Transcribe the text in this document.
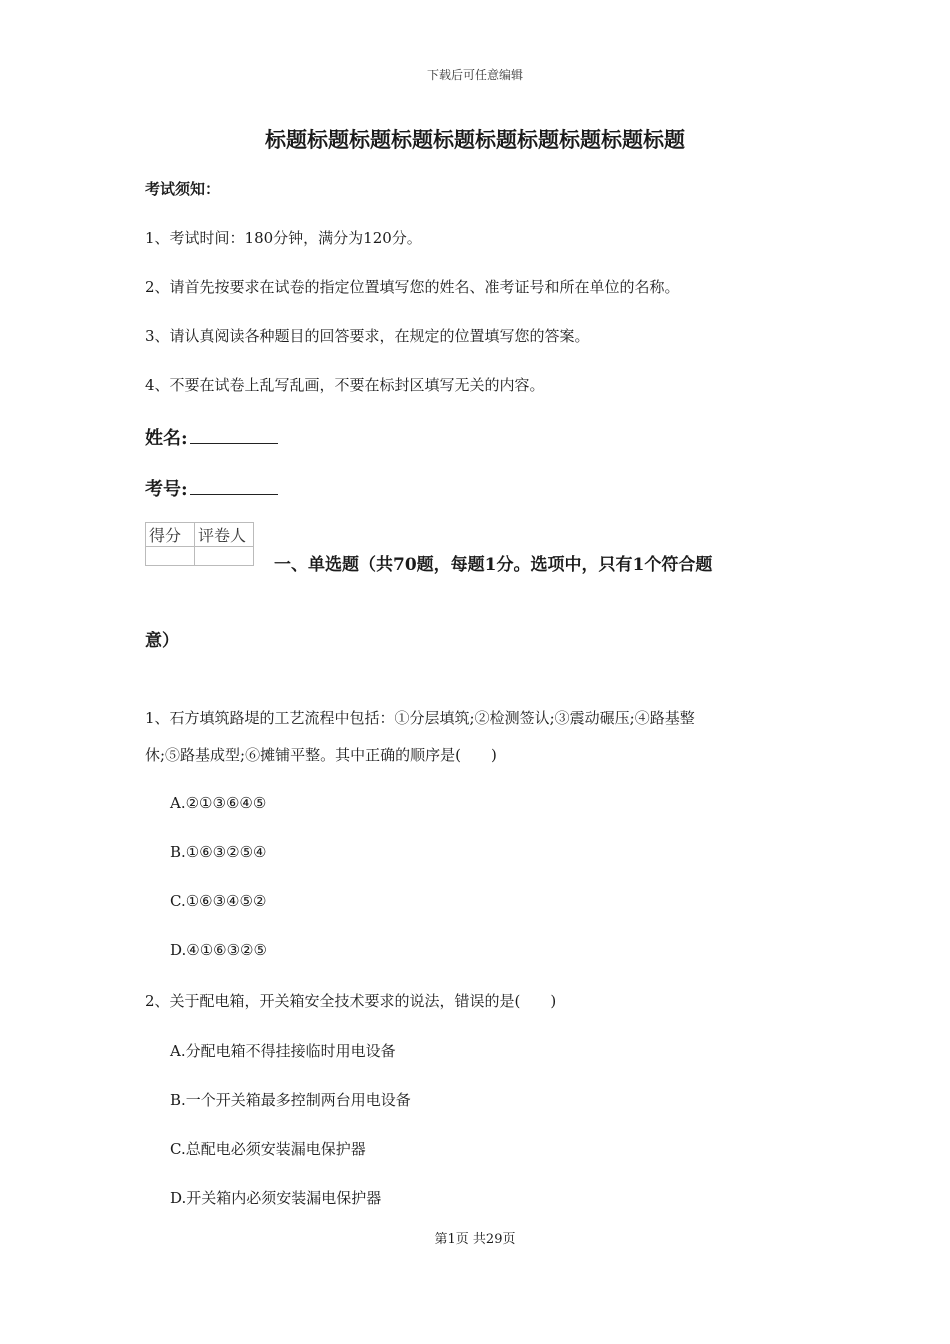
下载后可任意编辑
标题标题标题标题标题标题标题标题标题标题
考试须知：
1、考试时间：180分钟，满分为120分。
2、请首先按要求在试卷的指定位置填写您的姓名、准考证号和所在单位的名称。
3、请认真阅读各种题目的回答要求，在规定的位置填写您的答案。
4、不要在试卷上乱写乱画，不要在标封区填写无关的内容。
姓名:
考号:
得分	评卷人

一、单选题（共70题，每题1分。选项中，只有1个符合题
意）
1、石方填筑路堤的工艺流程中包括：①分层填筑;②检测签认;③震动碾压;④路基整
休;⑤路基成型;⑥摊铺平整。其中正确的顺序是(　　)
A.②①③⑥④⑤
B.①⑥③②⑤④
C.①⑥③④⑤②
D.④①⑥③②⑤
2、关于配电箱，开关箱安全技术要求的说法，错误的是(　　)
A.分配电箱不得挂接临时用电设备
B.一个开关箱最多控制两台用电设备
C.总配电必须安装漏电保护器
D.开关箱内必须安装漏电保护器
第1页 共29页
